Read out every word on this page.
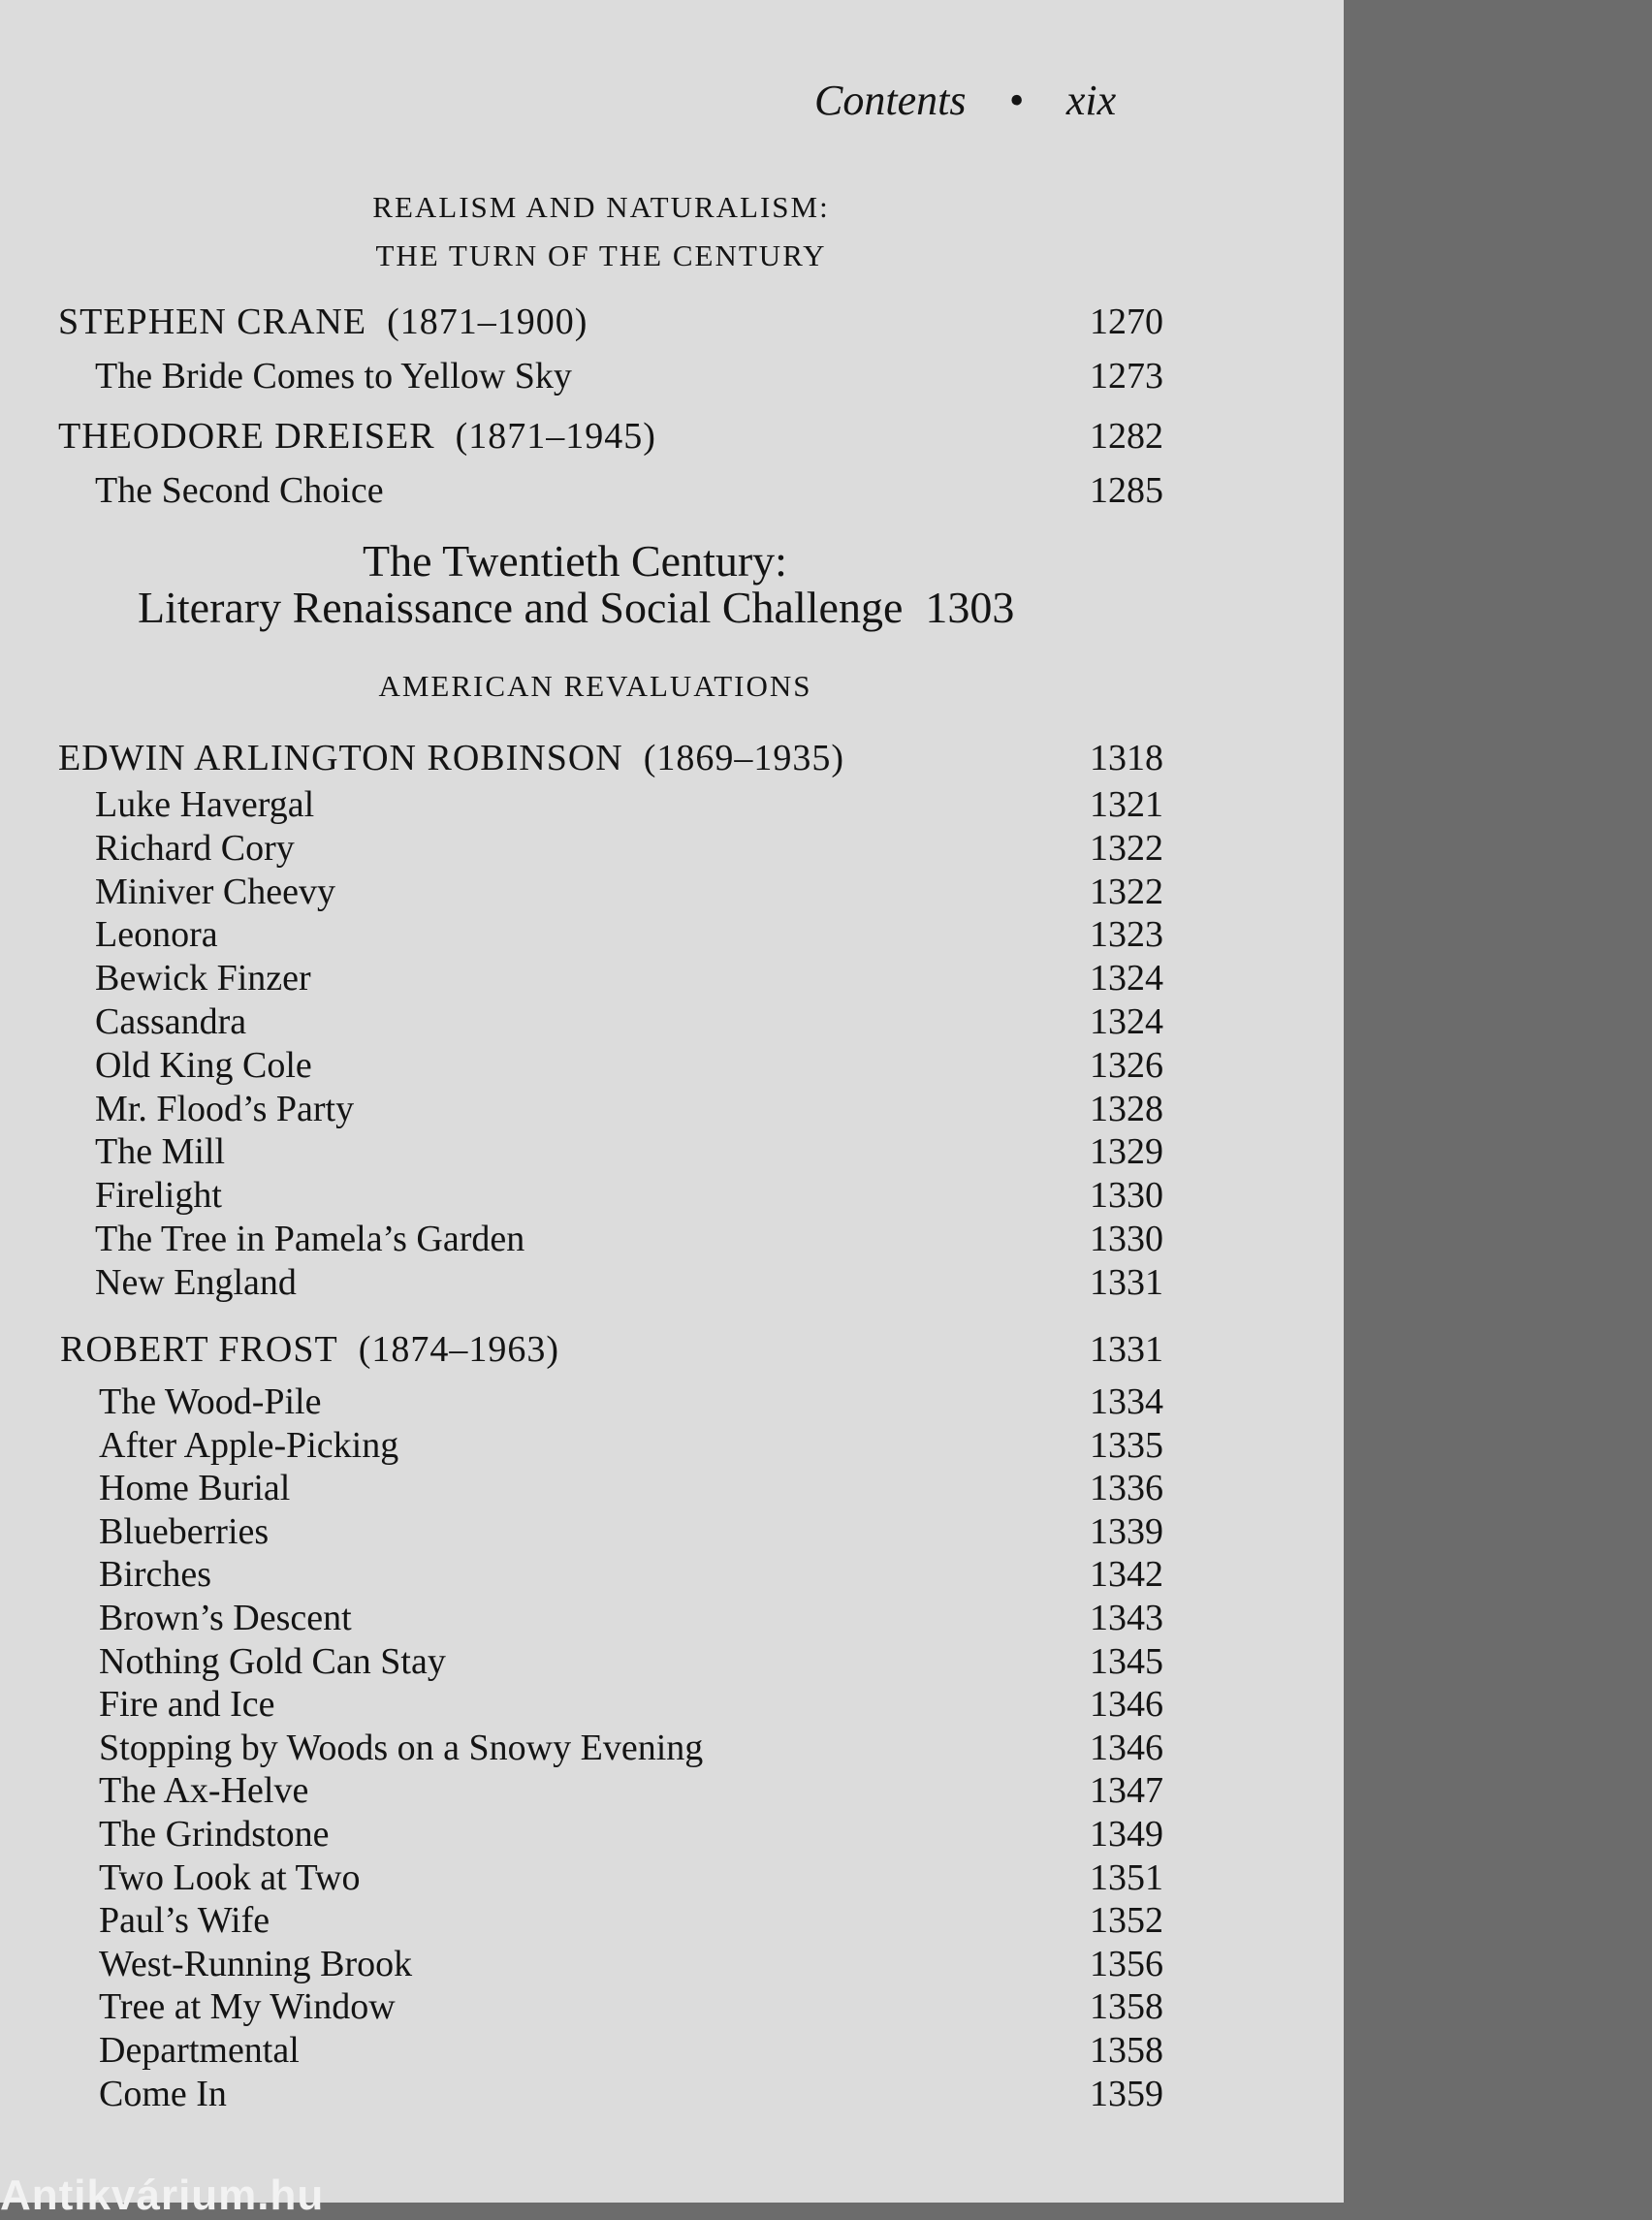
Contents • xix
REALISM AND NATURALISM:
THE TURN OF THE CENTURY
STEPHEN CRANE (1871–1900)	1270
The Bride Comes to Yellow Sky	1273
THEODORE DREISER (1871–1945)	1282
The Second Choice	1285
The Twentieth Century:
Literary Renaissance and Social Challenge 1303
AMERICAN REVALUATIONS
EDWIN ARLINGTON ROBINSON (1869–1935)	1318
Luke Havergal	1321
Richard Cory	1322
Miniver Cheevy	1322
Leonora	1323
Bewick Finzer	1324
Cassandra	1324
Old King Cole	1326
Mr. Flood’s Party	1328
The Mill	1329
Firelight	1330
The Tree in Pamela’s Garden	1330
New England	1331
ROBERT FROST (1874–1963)	1331
The Wood-Pile	1334
After Apple-Picking	1335
Home Burial	1336
Blueberries	1339
Birches	1342
Brown’s Descent	1343
Nothing Gold Can Stay	1345
Fire and Ice	1346
Stopping by Woods on a Snowy Evening	1346
The Ax-Helve	1347
The Grindstone	1349
Two Look at Two	1351
Paul’s Wife	1352
West-Running Brook	1356
Tree at My Window	1358
Departmental	1358
Come In	1359
Antikvárium.hu
